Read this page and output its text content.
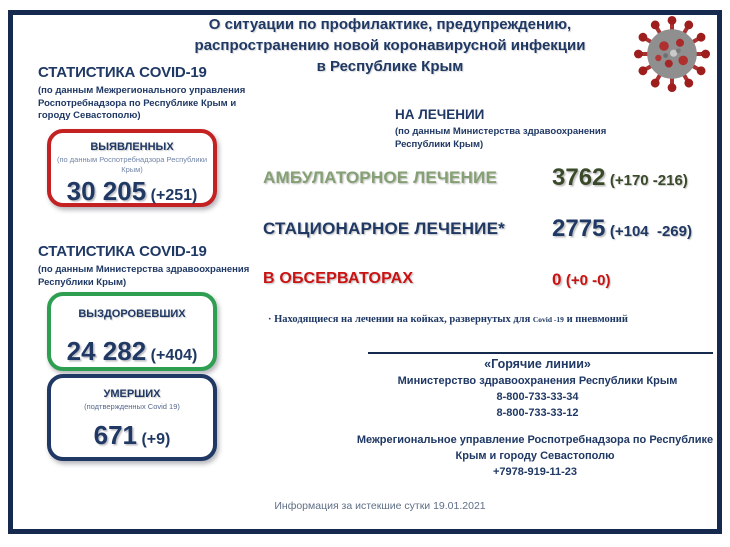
О ситуации по профилактике, предупреждению,
распространению новой коронавирусной инфекции
в Республике Крым
СТАТИСТИКА COVID-19
(по данным Межрегионального управления Роспотребнадзора по Республике Крым и городу Севастополю)
ВЫЯВЛЕННЫХ
(по данным Роспотребнадзора Республики Крым)
30 205 (+251)
СТАТИСТИКА COVID-19
(по данным Министерства здравоохранения Республики Крым)
ВЫЗДОРОВЕВШИХ
24 282 (+404)
УМЕРШИХ
(подтвержденных Covid 19)
671 (+9)
НА ЛЕЧЕНИИ
(по данным Министерства здравоохранения Республики Крым)
АМБУЛАТОРНОЕ ЛЕЧЕНИЕ 3762 (+170 -216)
СТАЦИОНАРНОЕ ЛЕЧЕНИЕ* 2775 (+104  -269)
В ОБСЕРВАТОРАХ	0 (+0 -0)
· Находящиеся на лечении на койках, развернутых для Covid -19 и пневмоний
«Горячие линии»
Министерство здравоохранения Республики Крым
8-800-733-33-34
8-800-733-33-12
Межрегиональное управление Роспотребнадзора по Республике Крым и городу Севастополю
+7978-919-11-23
Информация за истекшие сутки 19.01.2021
